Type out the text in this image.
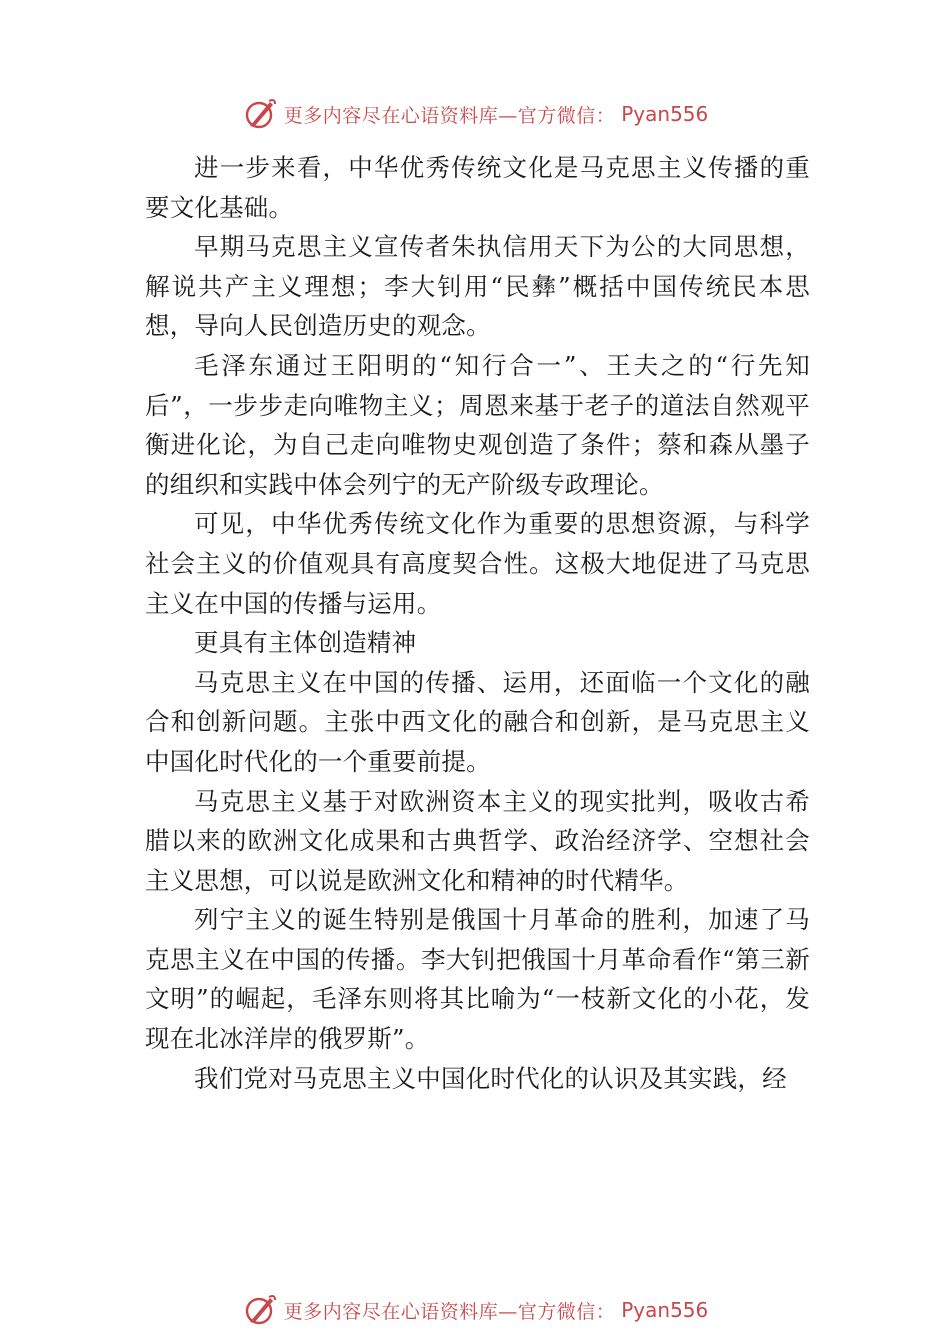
更多内容尽在心语资料库—官方微信： Pyan556

进一步来看，中华优秀传统文化是马克思主义传播的重要文化基础。

早期马克思主义宣传者朱执信用天下为公的大同思想，解说共产主义理想；李大钊用“民彝”概括中国传统民本思想，导向人民创造历史的观念。

毛泽东通过王阳明的“知行合一”、王夫之的“行先知后”，一步步走向唯物主义；周恩来基于老子的道法自然观平衡进化论，为自己走向唯物史观创造了条件；蔡和森从墨子的组织和实践中体会列宁的无产阶级专政理论。

可见，中华优秀传统文化作为重要的思想资源，与科学社会主义的价值观具有高度契合性。这极大地促进了马克思主义在中国的传播与运用。

更具有主体创造精神

马克思主义在中国的传播、运用，还面临一个文化的融合和创新问题。主张中西文化的融合和创新，是马克思主义中国化时代化的一个重要前提。

马克思主义基于对欧洲资本主义的现实批判，吸收古希腊以来的欧洲文化成果和古典哲学、政治经济学、空想社会主义思想，可以说是欧洲文化和精神的时代精华。

列宁主义的诞生特别是俄国十月革命的胜利，加速了马克思主义在中国的传播。李大钊把俄国十月革命看作“第三新文明”的崛起，毛泽东则将其比喻为“一枝新文化的小花，发现在北冰洋岸的俄罗斯”。

我们党对马克思主义中国化时代化的认识及其实践，经

更多内容尽在心语资料库—官方微信： Pyan556
